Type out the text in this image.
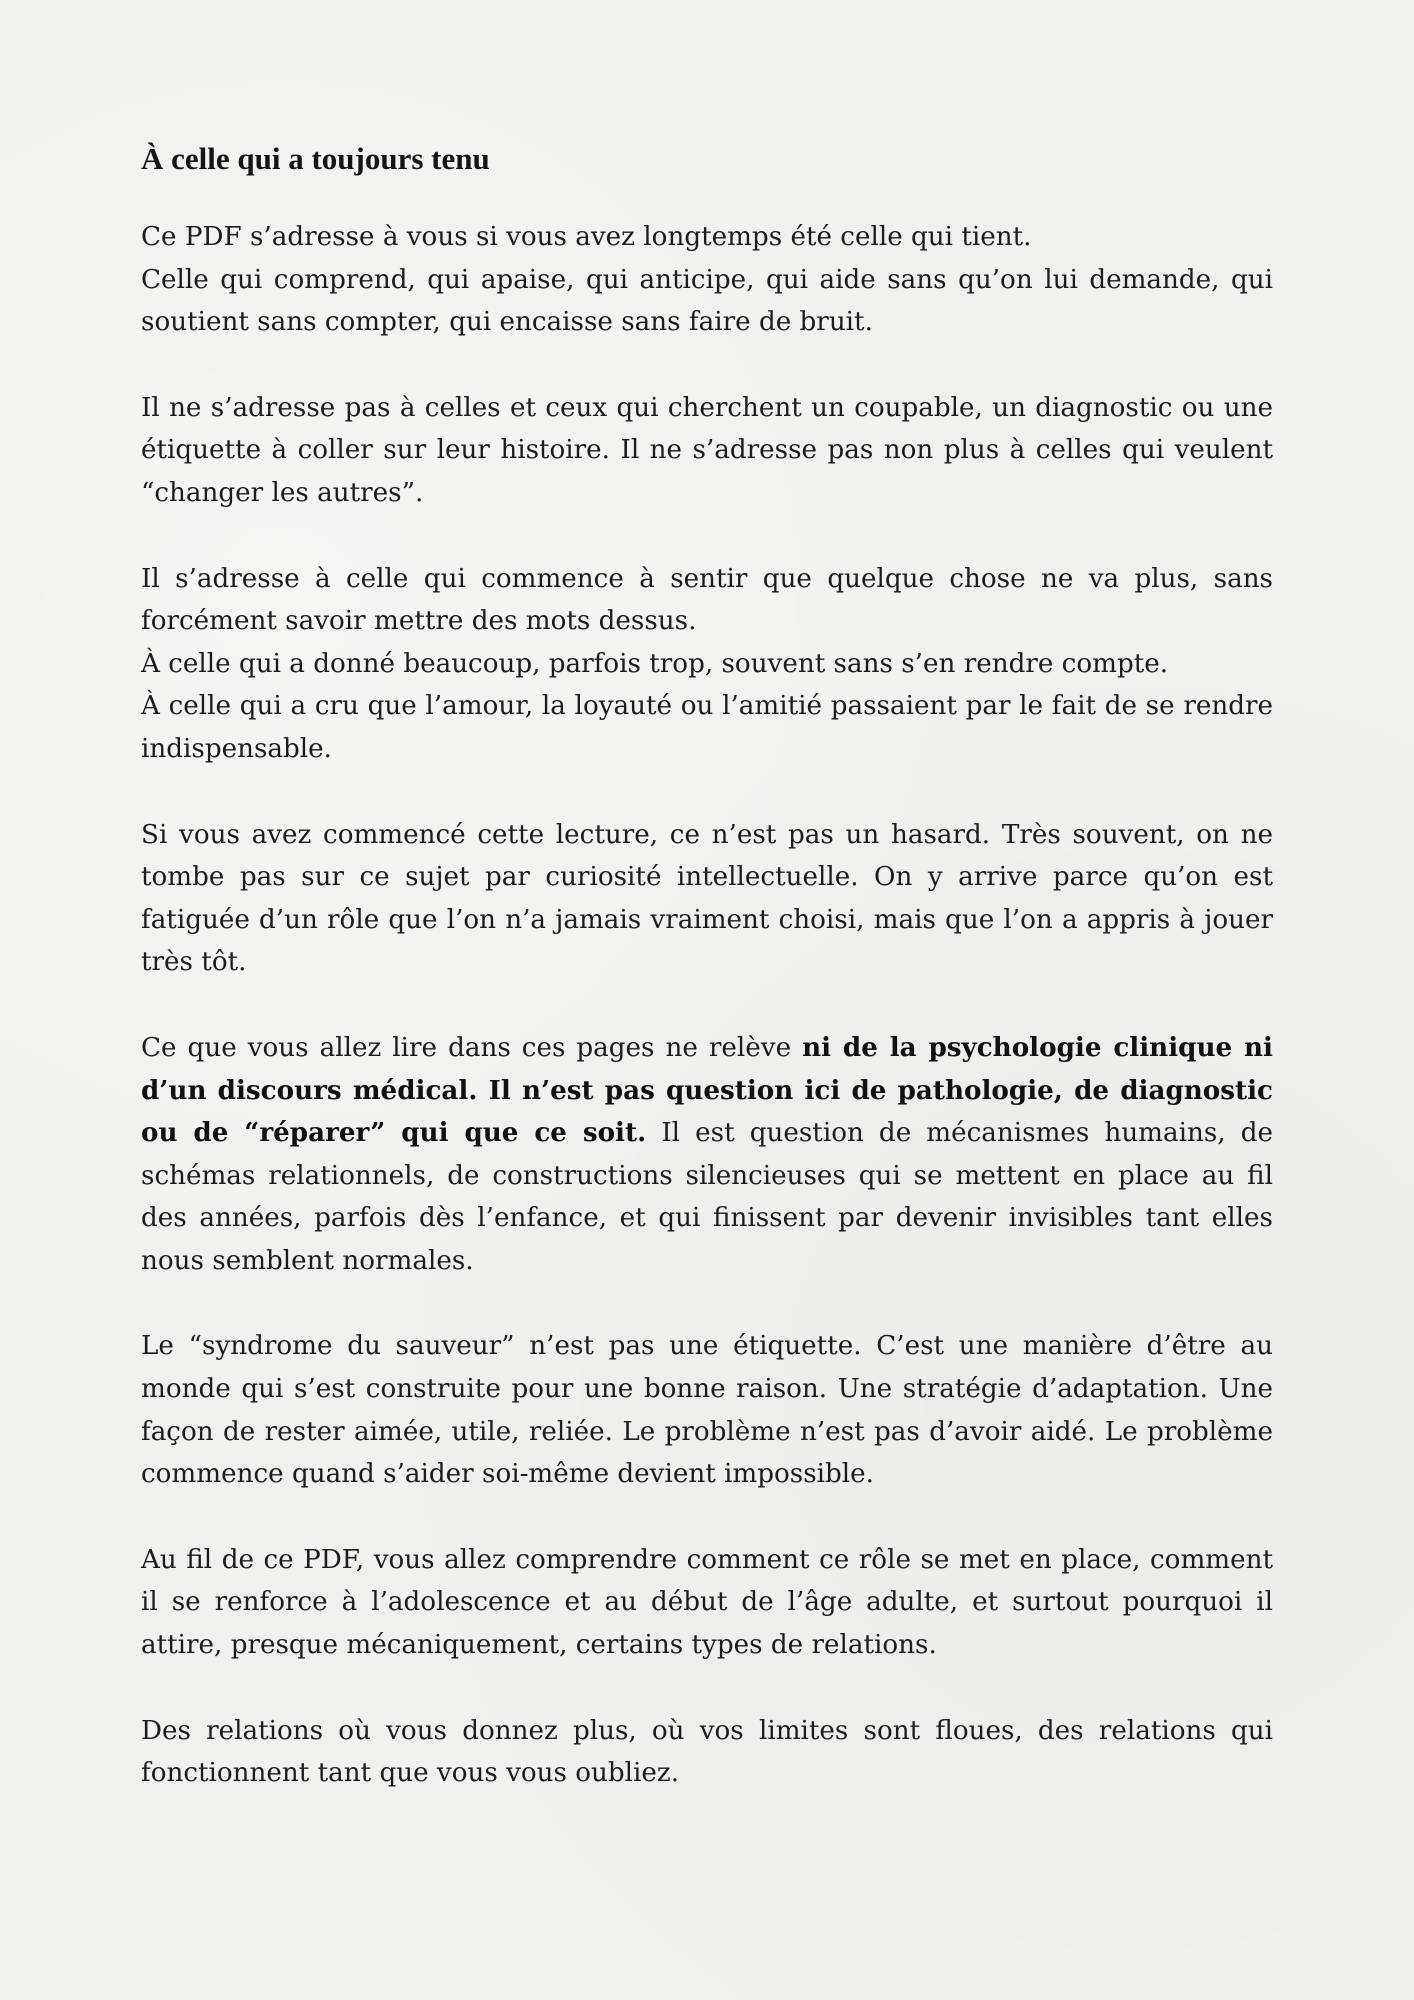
À celle qui a toujours tenu

Ce PDF s’adresse à vous si vous avez longtemps été celle qui tient.
Celle qui comprend, qui apaise, qui anticipe, qui aide sans qu’on lui demande, qui soutient sans compter, qui encaisse sans faire de bruit.

Il ne s’adresse pas à celles et ceux qui cherchent un coupable, un diagnostic ou une étiquette à coller sur leur histoire. Il ne s’adresse pas non plus à celles qui veulent “changer les autres”.

Il s’adresse à celle qui commence à sentir que quelque chose ne va plus, sans forcément savoir mettre des mots dessus.
À celle qui a donné beaucoup, parfois trop, souvent sans s’en rendre compte.
À celle qui a cru que l’amour, la loyauté ou l’amitié passaient par le fait de se rendre indispensable.

Si vous avez commencé cette lecture, ce n’est pas un hasard. Très souvent, on ne tombe pas sur ce sujet par curiosité intellectuelle. On y arrive parce qu’on est fatiguée d’un rôle que l’on n’a jamais vraiment choisi, mais que l’on a appris à jouer très tôt.

Ce que vous allez lire dans ces pages ne relève ni de la psychologie clinique ni d’un discours médical. Il n’est pas question ici de pathologie, de diagnostic ou de “réparer” qui que ce soit. Il est question de mécanismes humains, de schémas relationnels, de constructions silencieuses qui se mettent en place au fil des années, parfois dès l’enfance, et qui finissent par devenir invisibles tant elles nous semblent normales.

Le “syndrome du sauveur” n’est pas une étiquette. C’est une manière d’être au monde qui s’est construite pour une bonne raison. Une stratégie d’adaptation. Une façon de rester aimée, utile, reliée. Le problème n’est pas d’avoir aidé. Le problème commence quand s’aider soi-même devient impossible.

Au fil de ce PDF, vous allez comprendre comment ce rôle se met en place, comment il se renforce à l’adolescence et au début de l’âge adulte, et surtout pourquoi il attire, presque mécaniquement, certains types de relations.

Des relations où vous donnez plus, où vos limites sont floues, des relations qui fonctionnent tant que vous vous oubliez.
